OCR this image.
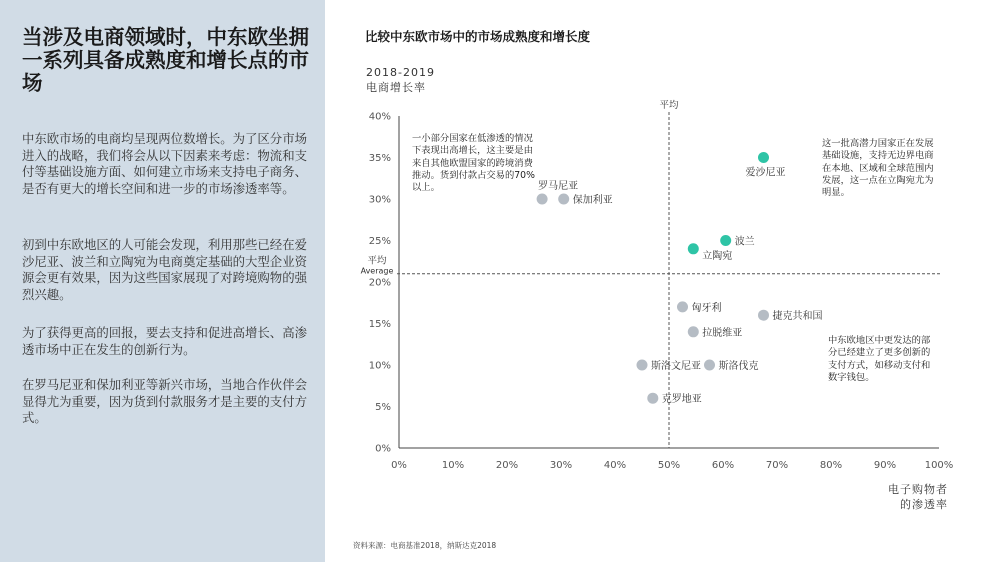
当涉及电商领域时，中东欧坐拥一系列具备成熟度和增长点的市场
中东欧市场的电商均呈现两位数增长。为了区分市场进入的战略，我们将会从以下因素来考虑：物流和支付等基础设施方面、如何建立市场来支持电子商务、是否有更大的增长空间和进一步的市场渗透率等。
初到中东欧地区的人可能会发现，利用那些已经在爱沙尼亚、波兰和立陶宛为电商奠定基础的大型企业资源会更有效果，因为这些国家展现了对跨境购物的强烈兴趣。
为了获得更高的回报，要去支持和促进高增长、高渗透市场中正在发生的创新行为。
在罗马尼亚和保加利亚等新兴市场，当地合作伙伴会显得尤为重要，因为货到付款服务才是主要的支付方式。
比较中东欧市场中的市场成熟度和增长度
2018-2019
电商增长率
0%
5%
10%
15%
20%
25%
30%
35%
40%
0%	10%	20%	30%	40%	50%	60%	70%	80%	90%	100%
平均
平均
Average
爱沙尼亚
波兰
立陶宛
罗马尼亚
保加利亚
匈牙利
捷克共和国
拉脱维亚
斯洛文尼亚 斯洛伐克
克罗地亚
一小部分国家在低渗透的情况下表现出高增长，这主要是由来自其他欧盟国家的跨境消费推动。货到付款占交易的70%以上。
这一批高潜力国家正在发展基础设施，支持无边界电商在本地、区域和全球范围内发展，这一点在立陶宛尤为明显。
中东欧地区中更发达的部分已经建立了更多创新的支付方式，如移动支付和数字钱包。
电子购物者
的渗透率
资料来源：电商基准2018，纳斯达克2018
